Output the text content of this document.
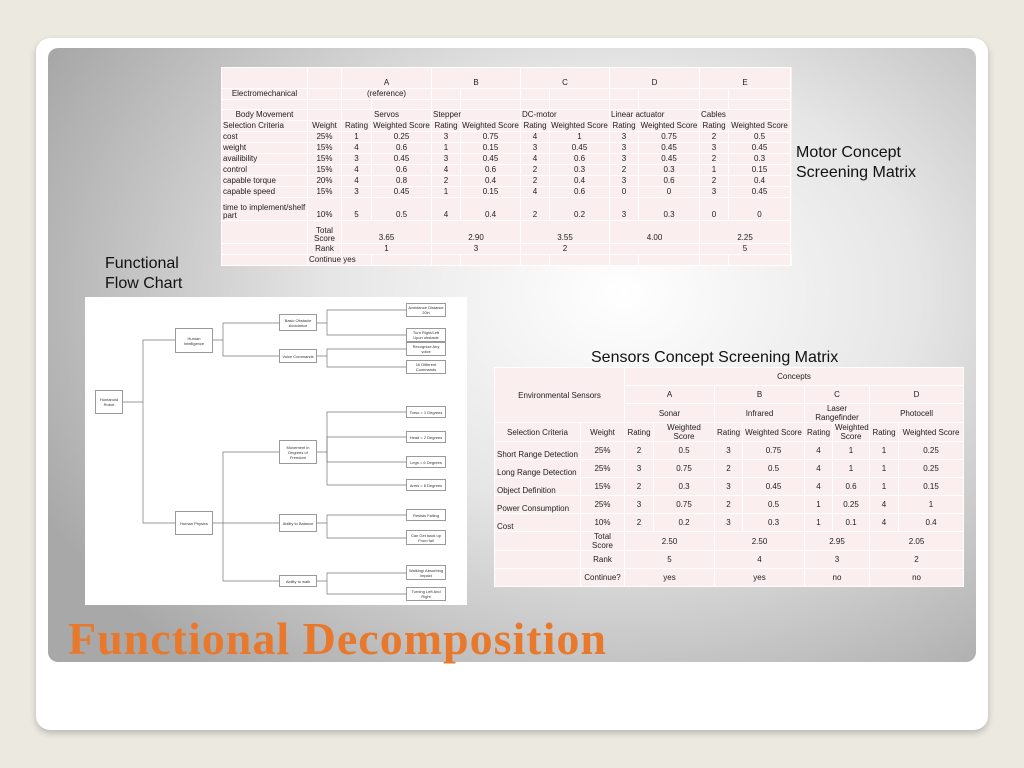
		A		B		C		D		E		
Electromechanical		(reference)										

Body Movement		Servos		Stepper		DC-motor		Linear actuator		Cables		
Selection Criteria	Weight	Rating	Weighted Score	Rating	Weighted Score	Rating	Weighted Score	Rating	Weighted Score	Rating	Weighted Score	
cost	25%	1	0.25	3	0.75	4	1	3	0.75	2	0.5	
weight	15%	4	0.6	1	0.15	3	0.45	3	0.45	3	0.45	
availibility	15%	3	0.45	3	0.45	4	0.6	3	0.45	2	0.3	
control	15%	4	0.6	4	0.6	2	0.3	2	0.3	1	0.15	
capable torque	20%	4	0.8	2	0.4	2	0.4	3	0.6	2	0.4	
capable speed	15%	3	0.45	1	0.15	4	0.6	0	0	3	0.45	
time to implement/shelf part	10%	5	0.5	4	0.4	2	0.2	3	0.3	0	0	
	Total Score	3.65		2.90		3.55		4.00		2.25		
	Rank	1		3		2				5		
	Continue yes											
Motor Concept
Screening Matrix
Functional
Flow Chart
Sensors Concept Screening Matrix
Humanoid Robot
Human Intelligence
Human Physics
Basic Obstacle Avoidance
Voice Commands
Avoidance Distance 20in
Turn Right/Left Upon obstacle
Recognize Any voice
16 Different Commands
Movement in Degrees of Freedom
Ability to Balance
Ability to walk
Torso = 1 Degrees
Head = 2 Degrees
Legs = 6 Degrees
Arms = 8 Degrees
Resists Falling
Can Get back up From fall
Walking/ Absorbing impact
Turning Left And Right
Environmental Sensors		Concepts							
		A		B		C		D	
		Sonar		Infrared		Laser Rangefinder		Photocell	
Selection Criteria	Weight	Rating	Weighted Score	Rating	Weighted Score	Rating	Weighted Score	Rating	Weighted Score
Short Range Detection	25%	2	0.5	3	0.75	4	1	1	0.25
Long Range Detection	25%	3	0.75	2	0.5	4	1	1	0.25
Object Definition	15%	2	0.3	3	0.45	4	0.6	1	0.15
Power Consumption	25%	3	0.75	2	0.5	1	0.25	4	1
Cost	10%	2	0.2	3	0.3	1	0.1	4	0.4
	Total Score	2.50		2.50		2.95		2.05	
	Rank	5		4		3		2	
	Continue?	yes		yes		no		no	
Functional Decomposition
